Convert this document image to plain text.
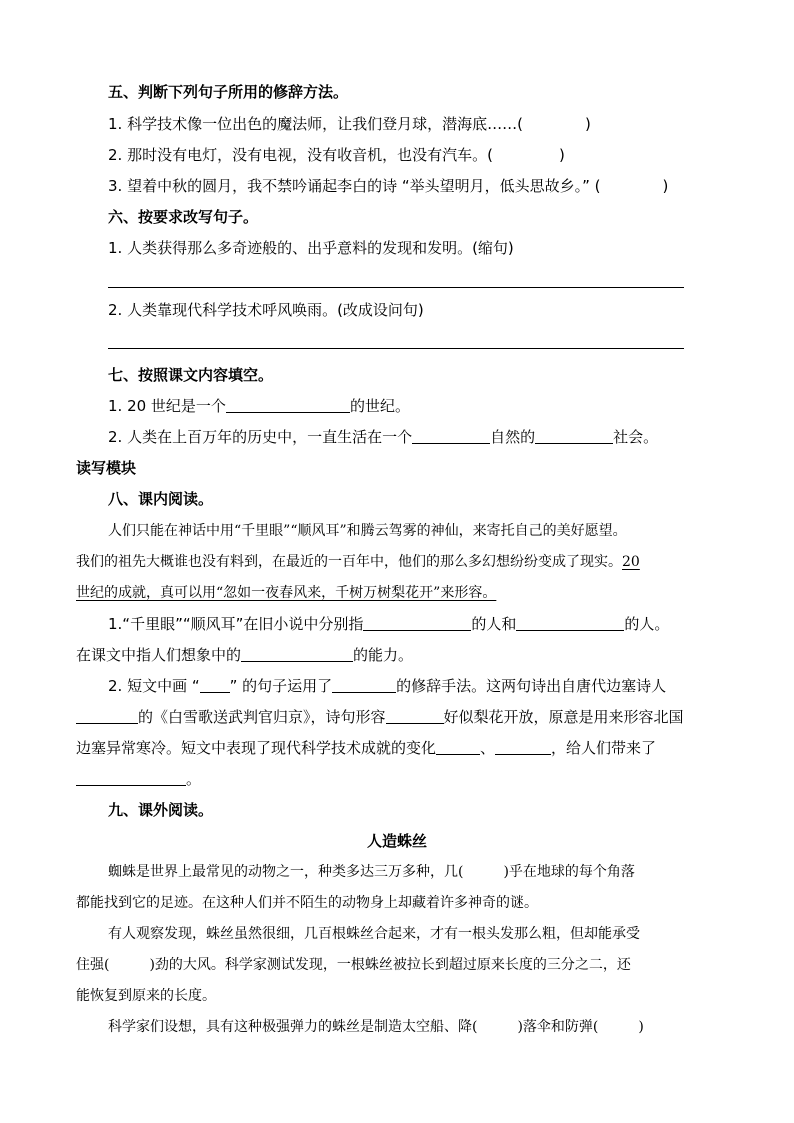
五、判断下列句子所用的修辞方法。
1. 科学技术像一位出色的魔法师，让我们登月球，潜海底……(	)
2. 那时没有电灯，没有电视，没有收音机，也没有汽车。(	)
3. 望着中秋的圆月，我不禁吟诵起李白的诗 “举头望明月，低头思故乡。” (	)
六、按要求改写句子。
1. 人类获得那么多奇迹般的、出乎意料的发现和发明。(缩句)
2. 人类靠现代科学技术呼风唤雨。(改成设问句)
七、按照课文内容填空。
1. 20 世纪是一个	的世纪。
2. 人类在上百万年的历史中，一直生活在一个	自然的	社会。
读写模块
八、课内阅读。
人们只能在神话中用“千里眼”“顺风耳”和腾云驾雾的神仙，来寄托自己的美好愿望。
我们的祖先大概谁也没有料到，在最近的一百年中，他们的那么多幻想纷纷变成了现实。20
世纪的成就，真可以用“忽如一夜春风来，千树万树梨花开”来形容。
1.“千里眼”“顺风耳”在旧小说中分别指	的人和	的人。
在课文中指人们想象中的	的能力。
2. 短文中画 “ ” 的句子运用了	的修辞手法。这两句诗出自唐代边塞诗人
的《白雪歌送武判官归京》，诗句形容	好似梨花开放，原意是用来形容北国
边塞异常寒冷。短文中表现了现代科学技术成就的变化	、	，给人们带来了
。
九、课外阅读。
人造蛛丝
蜘蛛是世界上最常见的动物之一，种类多达三万多种，几(	)乎在地球的每个角落
都能找到它的足迹。在这种人们并不陌生的动物身上却藏着许多神奇的谜。
有人观察发现，蛛丝虽然很细，几百根蛛丝合起来，才有一根头发那么粗，但却能承受
住强(	)劲的大风。科学家测试发现，一根蛛丝被拉长到超过原来长度的三分之二，还
能恢复到原来的长度。
科学家们设想，具有这种极强弹力的蛛丝是制造太空船、降(	)落伞和防弹(	)
